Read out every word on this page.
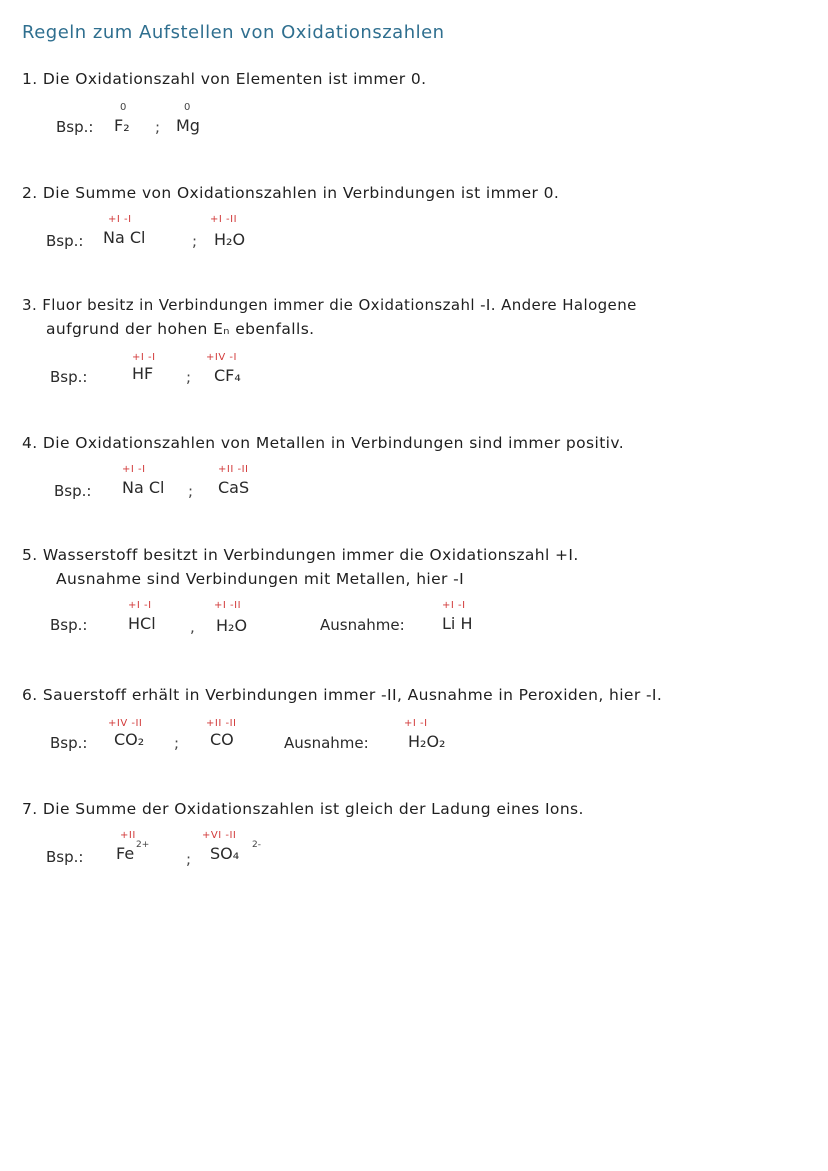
Regeln zum Aufstellen von Oxidationszahlen
1. Die Oxidationszahl von Elementen ist immer 0.
Bsp.:
0
F₂ ;
0
Mg
2. Die Summe von Oxidationszahlen in Verbindungen ist immer 0.
Bsp.:
+I -I
Na Cl	;
+I -II
H₂O
3. Fluor besitz in Verbindungen immer die Oxidationszahl -I. Andere Halogene
aufgrund der hohen Eₙ ebenfalls.
Bsp.:
+I -I
HF ;
+IV -I
CF₄
4. Die Oxidationszahlen von Metallen in Verbindungen sind immer positiv.
Bsp.:
+I -I
Na Cl ;
+II -II
CaS
5. Wasserstoff besitzt in Verbindungen immer die Oxidationszahl +I.
Ausnahme sind Verbindungen mit Metallen, hier -I
Bsp.:
+I -I
HCl ,
+I -II
H₂O	Ausnahme:
+I -I
Li H
6. Sauerstoff erhält in Verbindungen immer -II, Ausnahme in Peroxiden, hier -I.
Bsp.:
+IV -II
CO₂ ;
+II -II
CO	Ausnahme:
+I -I
H₂O₂
7. Die Summe der Oxidationszahlen ist gleich der Ladung eines Ions.
Bsp.:
+II
Fe 2+
;
+VI -II
SO₄ 2-
